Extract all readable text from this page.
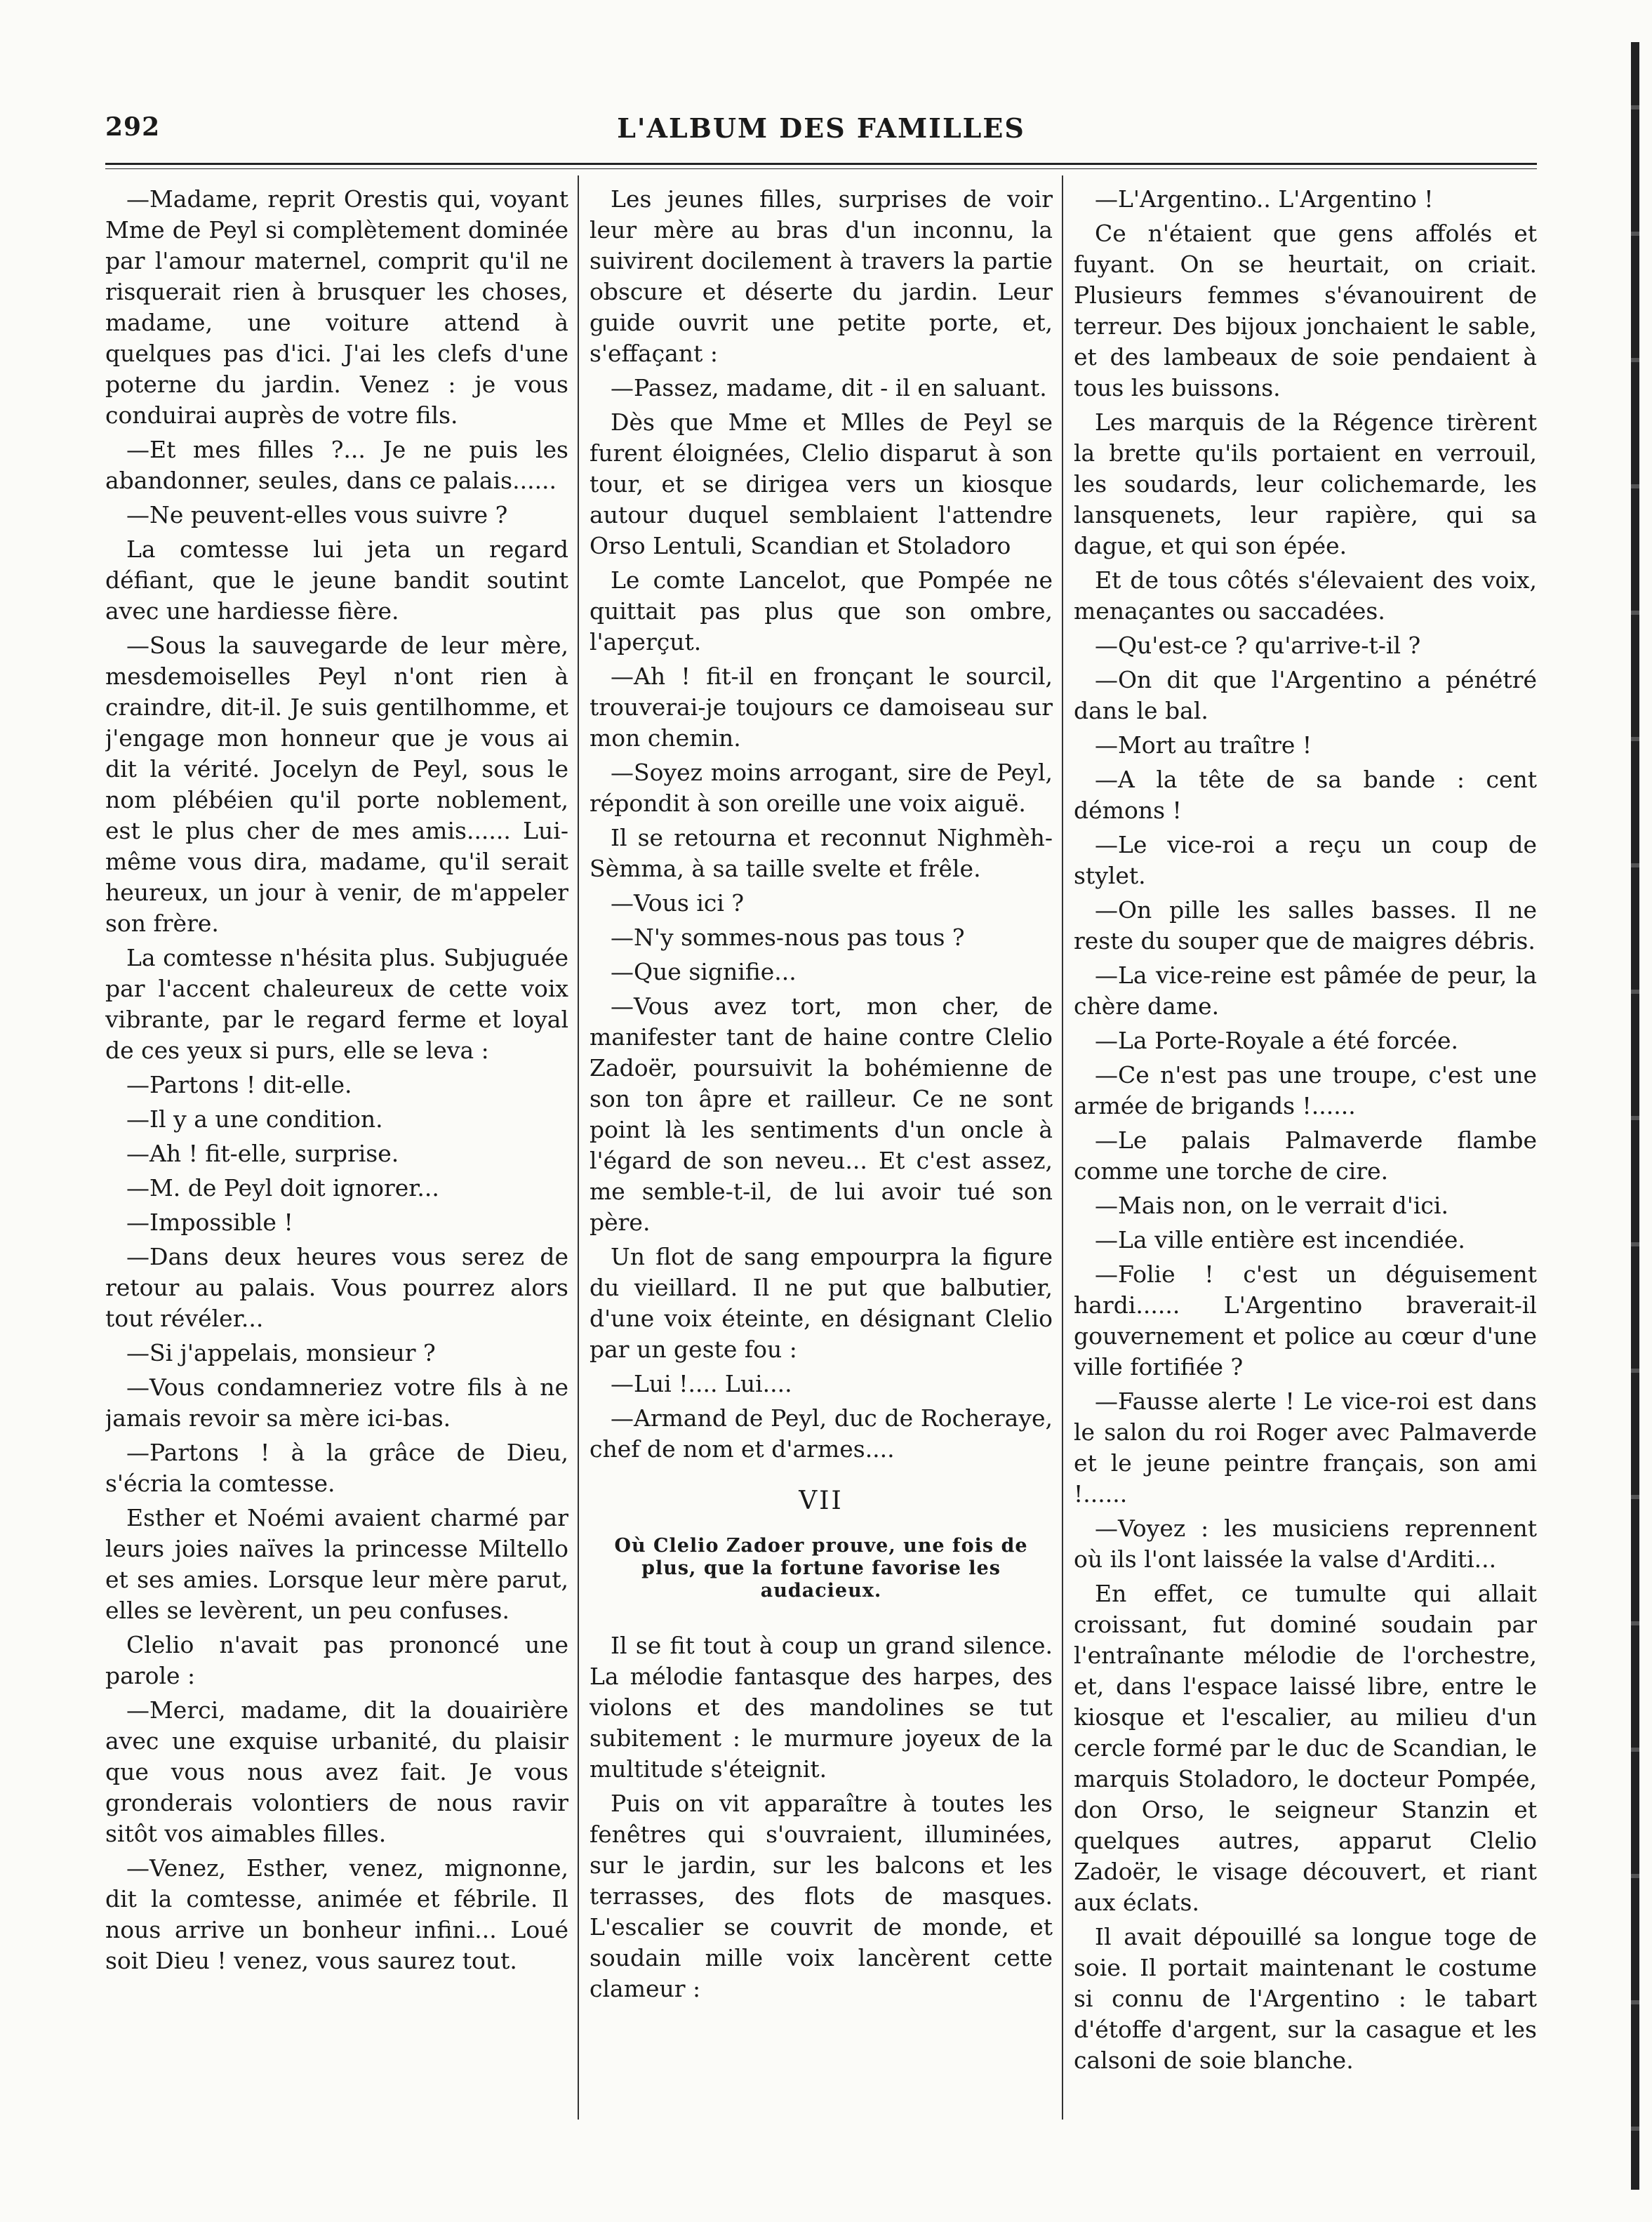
L'ALBUM DES FAMILLES
292

—Madame, reprit Orestis qui, voyant Mme de Peyl si complètement dominée par l'amour maternel, comprit qu'il ne risquerait rien à brusquer les choses, madame, une voiture attend à quelques pas d'ici. J'ai les clefs d'une poterne du jardin. Venez : je vous conduirai auprès de votre fils.

—Et mes filles ?... Je ne puis les abandonner, seules, dans ce palais......

—Ne peuvent-elles vous suivre ?

La comtesse lui jeta un regard défiant, que le jeune bandit soutint avec une hardiesse fière.

—Sous la sauvegarde de leur mère, mesdemoiselles Peyl n'ont rien à craindre, dit-il. Je suis gentilhomme, et j'engage mon honneur que je vous ai dit la vérité. Jocelyn de Peyl, sous le nom plébéien qu'il porte noblement, est le plus cher de mes amis...... Lui-même vous dira, madame, qu'il serait heureux, un jour à venir, de m'appeler son frère.

La comtesse n'hésita plus. Subjuguée par l'accent chaleureux de cette voix vibrante, par le regard ferme et loyal de ces yeux si purs, elle se leva :

—Partons ! dit-elle.

—Il y a une condition.

—Ah ! fit-elle, surprise.

—M. de Peyl doit ignorer...

—Impossible !

—Dans deux heures vous serez de retour au palais. Vous pourrez alors tout révéler...

—Si j'appelais, monsieur ?

—Vous condamneriez votre fils à ne jamais revoir sa mère ici-bas.

—Partons ! à la grâce de Dieu, s'écria la comtesse.

Esther et Noémi avaient charmé par leurs joies naïves la princesse Miltello et ses amies. Lorsque leur mère parut, elles se levèrent, un peu confuses.

Clelio n'avait pas prononcé une parole :

—Merci, madame, dit la douairière avec une exquise urbanité, du plaisir que vous nous avez fait. Je vous gronderais volontiers de nous ravir sitôt vos aimables filles.

—Venez, Esther, venez, mignonne, dit la comtesse, animée et fébrile. Il nous arrive un bonheur infini... Loué soit Dieu ! venez, vous saurez tout.

Les jeunes filles, surprises de voir leur mère au bras d'un inconnu, la suivirent docilement à travers la partie obscure et déserte du jardin. Leur guide ouvrit une petite porte, et, s'effaçant :

—Passez, madame, dit - il en saluant.

Dès que Mme et Mlles de Peyl se furent éloignées, Clelio disparut à son tour, et se dirigea vers un kiosque autour duquel semblaient l'attendre Orso Lentuli, Scandian et Stoladoro

Le comte Lancelot, que Pompée ne quittait pas plus que son ombre, l'aperçut.

—Ah ! fit-il en fronçant le sourcil, trouverai-je toujours ce damoiseau sur mon chemin.

—Soyez moins arrogant, sire de Peyl, répondit à son oreille une voix aiguë.

Il se retourna et reconnut Nighmèh-Sèmma, à sa taille svelte et frêle.

—Vous ici ?

—N'y sommes-nous pas tous ?

—Que signifie...

—Vous avez tort, mon cher, de manifester tant de haine contre Clelio Zadoër, poursuivit la bohémienne de son ton âpre et railleur. Ce ne sont point là les sentiments d'un oncle à l'égard de son neveu... Et c'est assez, me semble-t-il, de lui avoir tué son père.

Un flot de sang empourpra la figure du vieillard. Il ne put que balbutier, d'une voix éteinte, en désignant Clelio par un geste fou :

—Lui !.... Lui....

—Armand de Peyl, duc de Rocheraye, chef de nom et d'armes....

VII
Où Clelio Zadoer prouve, une fois de plus, que la fortune favorise les audacieux.

Il se fit tout à coup un grand silence. La mélodie fantasque des harpes, des violons et des mandolines se tut subitement : le murmure joyeux de la multitude s'éteignit.

Puis on vit apparaître à toutes les fenêtres qui s'ouvraient, illuminées, sur le jardin, sur les balcons et les terrasses, des flots de masques. L'escalier se couvrit de monde, et soudain mille voix lancèrent cette clameur :

—L'Argentino.. L'Argentino !

Ce n'étaient que gens affolés et fuyant. On se heurtait, on criait. Plusieurs femmes s'évanouirent de terreur. Des bijoux jonchaient le sable, et des lambeaux de soie pendaient à tous les buissons.

Les marquis de la Régence tirèrent la brette qu'ils portaient en verrouil, les soudards, leur colichemarde, les lansquenets, leur rapière, qui sa dague, et qui son épée.

Et de tous côtés s'élevaient des voix, menaçantes ou saccadées.

—Qu'est-ce ? qu'arrive-t-il ?

—On dit que l'Argentino a pénétré dans le bal.

—Mort au traître !

—A la tête de sa bande : cent démons !

—Le vice-roi a reçu un coup de stylet.

—On pille les salles basses. Il ne reste du souper que de maigres débris.

—La vice-reine est pâmée de peur, la chère dame.

—La Porte-Royale a été forcée.

—Ce n'est pas une troupe, c'est une armée de brigands !......

—Le palais Palmaverde flambe comme une torche de cire.

—Mais non, on le verrait d'ici.

—La ville entière est incendiée.

—Folie ! c'est un déguisement hardi...... L'Argentino braverait-il gouvernement et police au cœur d'une ville fortifiée ?

—Fausse alerte ! Le vice-roi est dans le salon du roi Roger avec Palmaverde et le jeune peintre français, son ami !......

—Voyez : les musiciens reprennent où ils l'ont laissée la valse d'Arditi...

En effet, ce tumulte qui allait croissant, fut dominé soudain par l'entraînante mélodie de l'orchestre, et, dans l'espace laissé libre, entre le kiosque et l'escalier, au milieu d'un cercle formé par le duc de Scandian, le marquis Stoladoro, le docteur Pompée, don Orso, le seigneur Stanzin et quelques autres, apparut Clelio Zadoër, le visage découvert, et riant aux éclats.

Il avait dépouillé sa longue toge de soie. Il portait maintenant le costume si connu de l'Argentino : le tabart d'étoffe d'argent, sur la casague et les calsoni de soie blanche.
